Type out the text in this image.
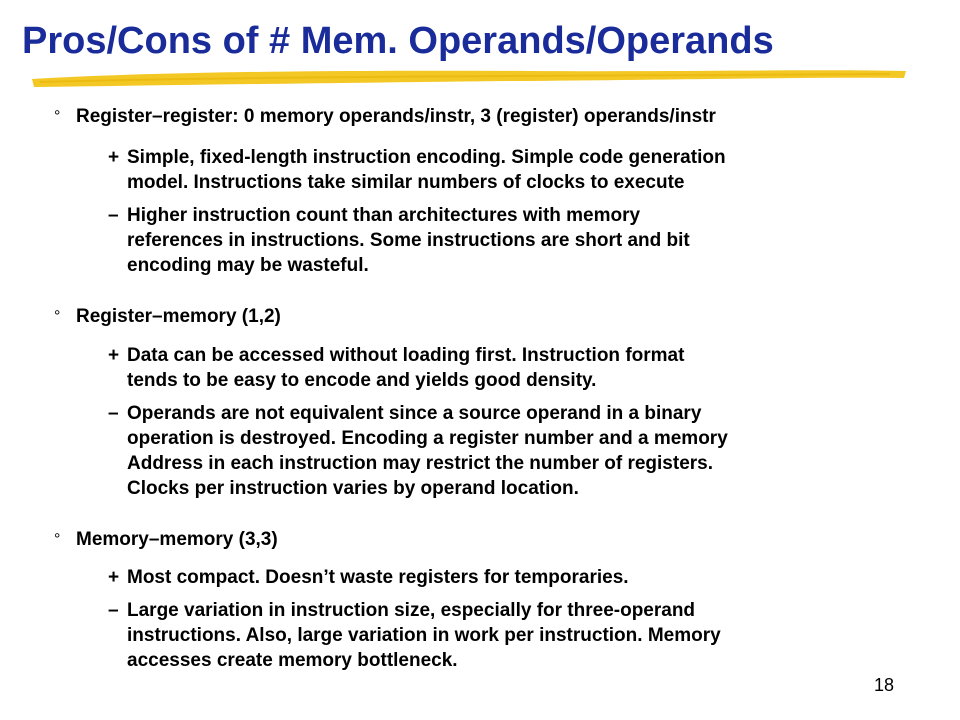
Pros/Cons of # Mem. Operands/Operands
° Register–register: 0 memory operands/instr, 3 (register) operands/instr
+ Simple, fixed-length instruction encoding. Simple code generation
model. Instructions take similar numbers of clocks to execute
– Higher instruction count than architectures with memory
references in instructions. Some instructions are short and bit
encoding may be wasteful.
° Register–memory (1,2)
+ Data can be accessed without loading first. Instruction format
tends to be easy to encode and yields good density.
– Operands are not equivalent since a source operand in a binary
operation is destroyed. Encoding a register number and a memory
Address in each instruction may restrict the number of registers.
Clocks per instruction varies by operand location.
° Memory–memory (3,3)
+ Most compact. Doesn’t waste registers for temporaries.
– Large variation in instruction size, especially for three-operand
instructions. Also, large variation in work per instruction. Memory
accesses create memory bottleneck.
18
